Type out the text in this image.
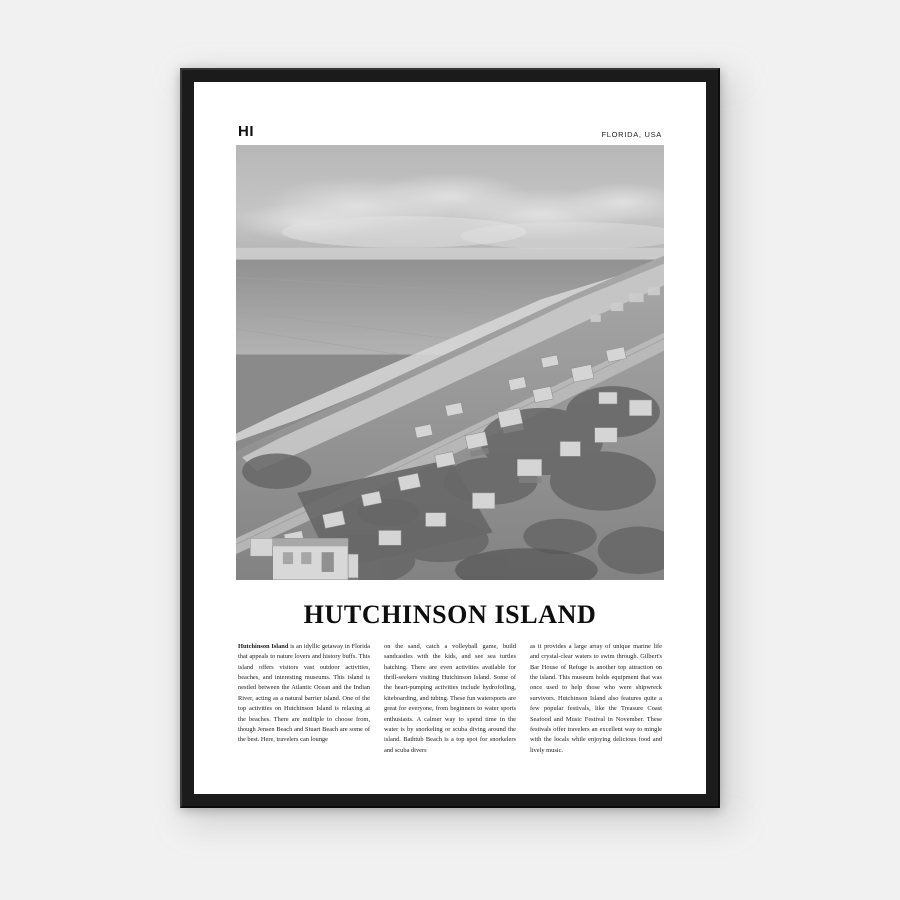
HI	FLORIDA, USA
HUTCHINSON ISLAND
Hutchinson Island is an idyllic getaway in Florida that appeals to nature lovers and history buffs. This island offers visitors vast outdoor activities, beaches, and interesting museums. This island is nestled between the Atlantic Ocean and the Indian River, acting as a natural barrier island. One of the top activities on Hutchinson Island is relaxing at the beaches. There are multiple to choose from, though Jensen Beach and Stuart Beach are some of the best. Here, travelers can lounge
on the sand, catch a volleyball game, build sandcastles with the kids, and see sea turtles hatching. There are even activities available for thrill-seekers visiting Hutchinson Island. Some of the heart-pumping activities include hydrofoiling, kiteboarding, and tubing. These fun watersports are great for everyone, from beginners to water sports enthusiasts. A calmer way to spend time in the water is by snorkeling or scuba diving around the island. Bathtub Beach is a top spot for snorkelers and scuba divers
as it provides a large array of unique marine life and crystal-clear waters to swim through. Gilbert's Bar House of Refuge is another top attraction on the island. This museum holds equipment that was once used to help those who were shipwreck survivors. Hutchinson Island also features quite a few popular festivals, like the Treasure Coast Seafood and Music Festival in November. These festivals offer travelers an excellent way to mingle with the locals while enjoying delicious food and lively music.
